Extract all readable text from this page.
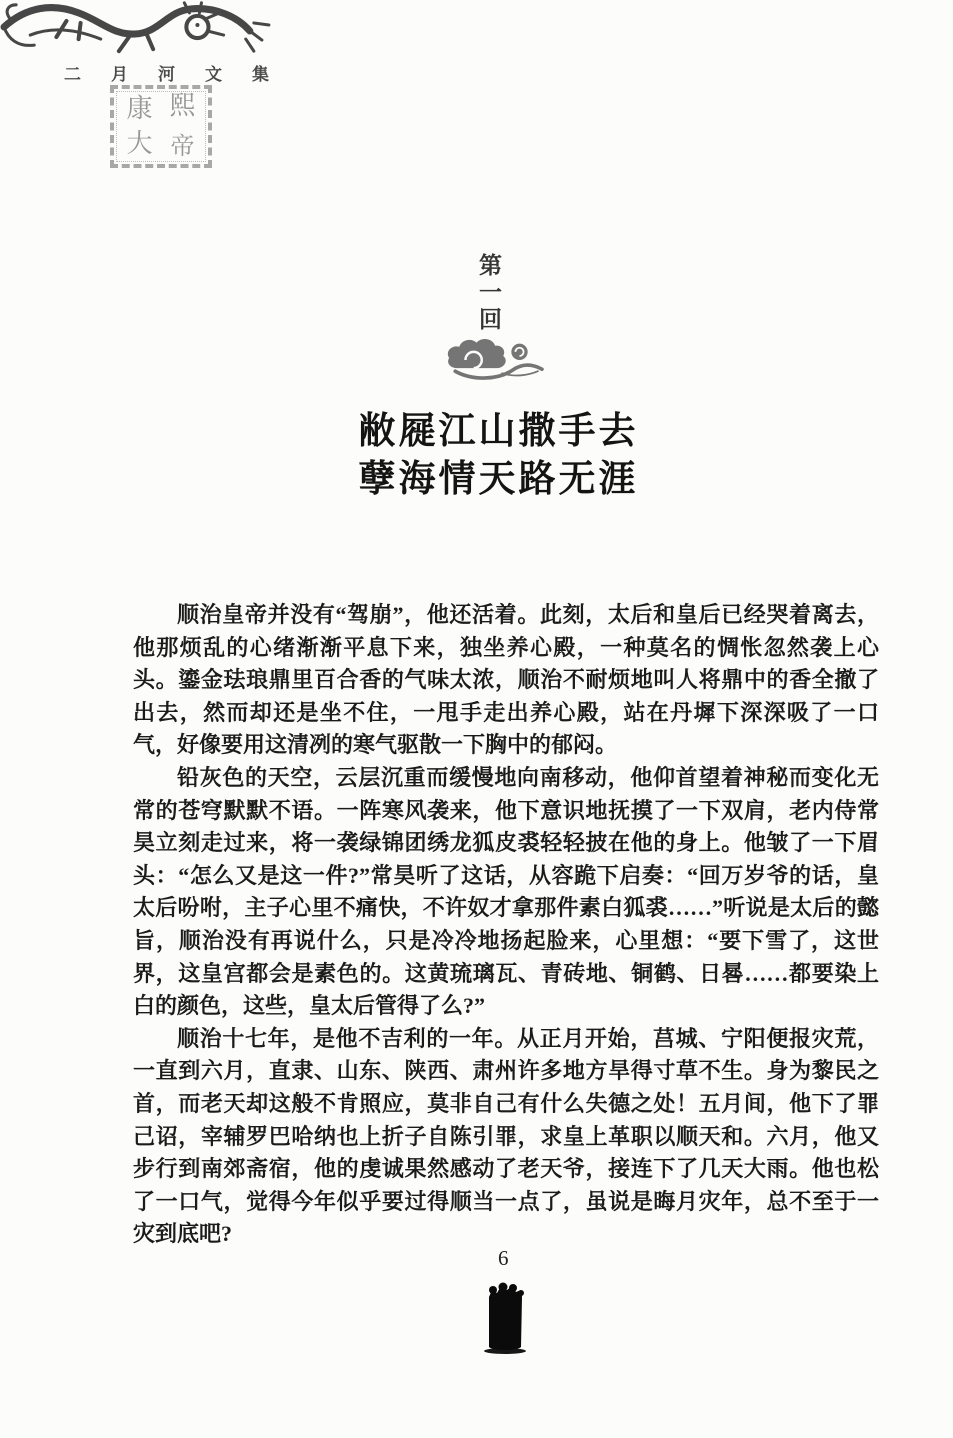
二月河文集
康 熙
大 帝
第
一
回
敝屣江山撒手去
孽海情天路无涯

顺治皇帝并没有“驾崩”，他还活着。此刻，太后和皇后已经哭着离去，他那烦乱的心绪渐渐平息下来，独坐养心殿，一种莫名的惆怅忽然袭上心头。鎏金珐琅鼎里百合香的气味太浓，顺治不耐烦地叫人将鼎中的香全撤了出去，然而却还是坐不住，一甩手走出养心殿，站在丹墀下深深吸了一口气，好像要用这清冽的寒气驱散一下胸中的郁闷。

铅灰色的天空，云层沉重而缓慢地向南移动，他仰首望着神秘而变化无常的苍穹默默不语。一阵寒风袭来，他下意识地抚摸了一下双肩，老内侍常昊立刻走过来，将一袭绿锦团绣龙狐皮裘轻轻披在他的身上。他皱了一下眉头：“怎么又是这一件?”常昊听了这话，从容跪下启奏：“回万岁爷的话，皇太后吩咐，主子心里不痛快，不许奴才拿那件素白狐裘……”听说是太后的懿旨，顺治没有再说什么，只是冷冷地扬起脸来，心里想：“要下雪了，这世界，这皇宫都会是素色的。这黄琉璃瓦、青砖地、铜鹤、日晷……都要染上白的颜色，这些，皇太后管得了么?”

顺治十七年，是他不吉利的一年。从正月开始，莒城、宁阳便报灾荒，一直到六月，直隶、山东、陕西、肃州许多地方旱得寸草不生。身为黎民之首，而老天却这般不肯照应，莫非自己有什么失德之处！五月间，他下了罪己诏，宰辅罗巴哈纳也上折子自陈引罪，求皇上革职以顺天和。六月，他又步行到南郊斋宿，他的虔诚果然感动了老天爷，接连下了几天大雨。他也松了一口气，觉得今年似乎要过得顺当一点了，虽说是晦月灾年，总不至于一灾到底吧?

6
